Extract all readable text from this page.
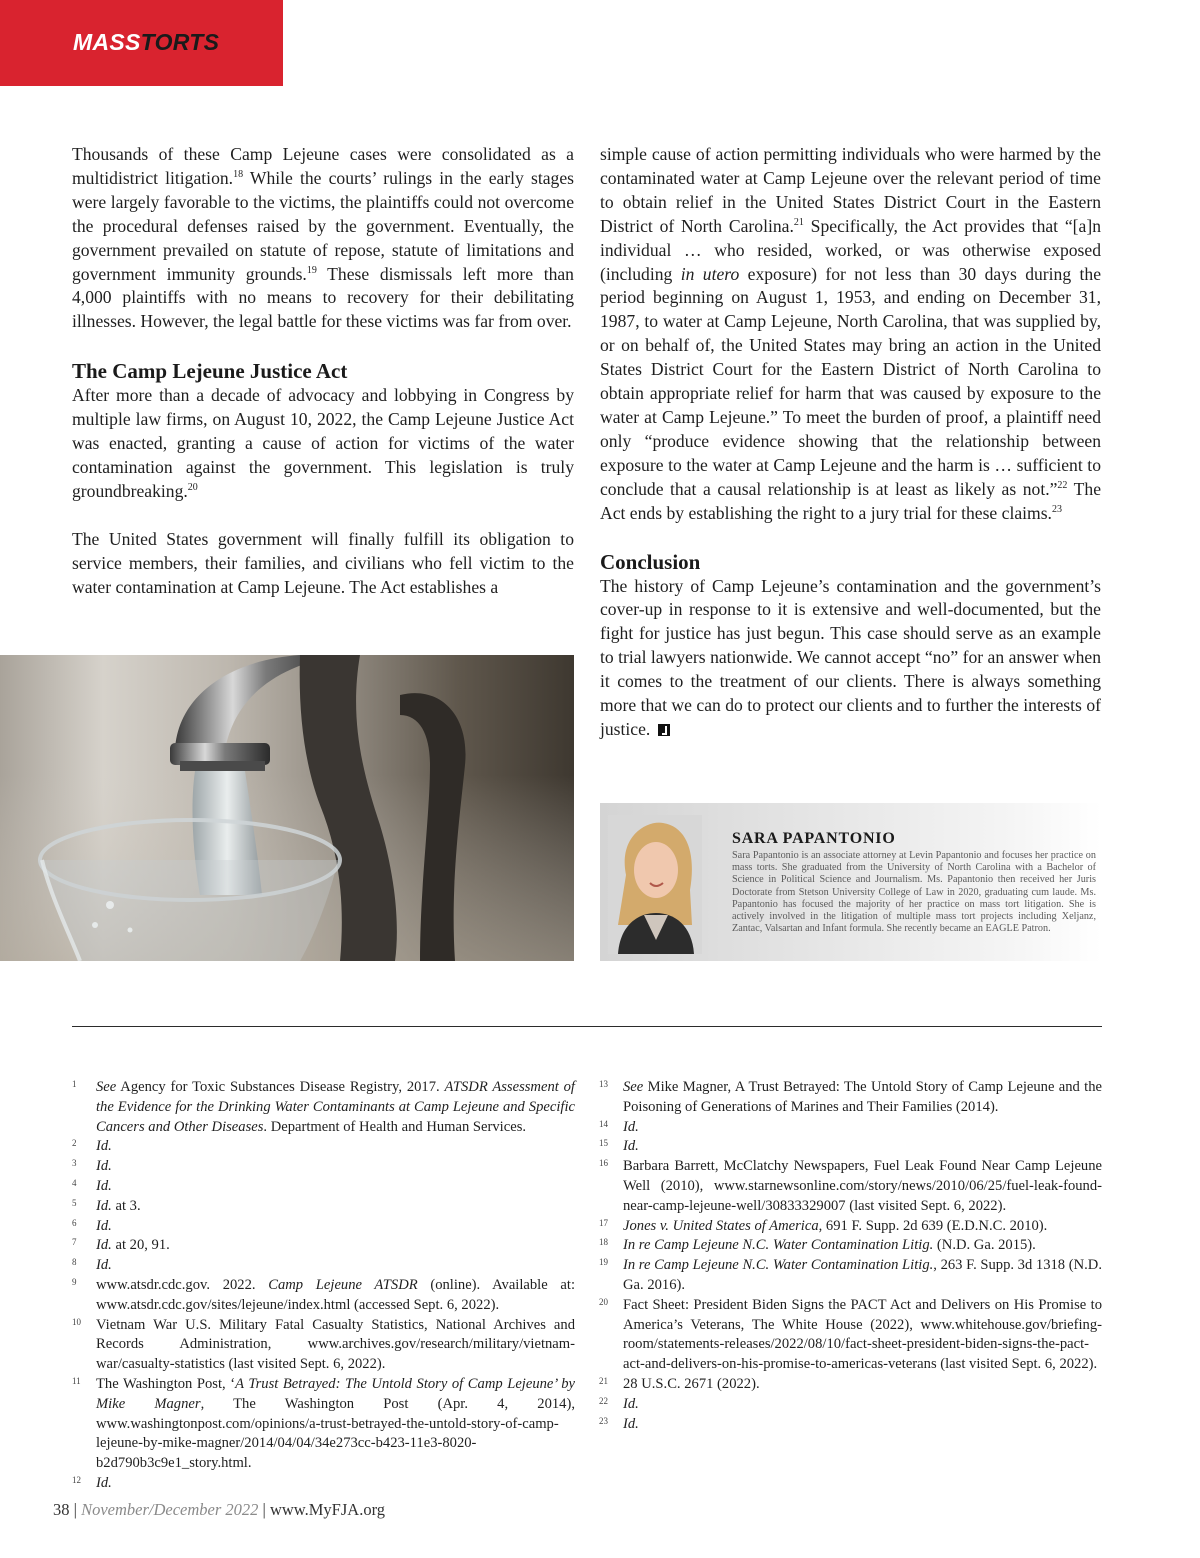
MASSTORTS

Thousands of these Camp Lejeune cases were consolidated as a multidistrict litigation.$^{18}$ While the courts’ rulings in the early stages were largely favorable to the victims, the plaintiffs could not overcome the procedural defenses raised by the government. Eventually, the government prevailed on statute of repose, statute of limitations and government immunity grounds.$^{19}$ These dismissals left more than 4,000 plaintiffs with no means to recovery for their debilitating illnesses. However, the legal battle for these victims was far from over.

The Camp Lejeune Justice Act

After more than a decade of advocacy and lobbying in Congress by multiple law firms, on August 10, 2022, the Camp Lejeune Justice Act was enacted, granting a cause of action for victims of the water contamination against the government. This legislation is truly groundbreaking.$^{20}$

The United States government will finally fulfill its obligation to service members, their families, and civilians who fell victim to the water contamination at Camp Lejeune. The Act establishes a

simple cause of action permitting individuals who were harmed by the contaminated water at Camp Lejeune over the relevant period of time to obtain relief in the United States District Court in the Eastern District of North Carolina.$^{21}$ Specifically, the Act provides that “[a]n individual … who resided, worked, or was otherwise exposed (including in utero exposure) for not less than 30 days during the period beginning on August 1, 1953, and ending on December 31, 1987, to water at Camp Lejeune, North Carolina, that was supplied by, or on behalf of, the United States may bring an action in the United States District Court for the Eastern District of North Carolina to obtain appropriate relief for harm that was caused by exposure to the water at Camp Lejeune.” To meet the burden of proof, a plaintiff need only “produce evidence showing that the relationship between exposure to the water at Camp Lejeune and the harm is … sufficient to conclude that a causal relationship is at least as likely as not.”$^{22}$ The Act ends by establishing the right to a jury trial for these claims.$^{23}$

Conclusion

The history of Camp Lejeune’s contamination and the government’s cover-up in response to it is extensive and well-documented, but the fight for justice has just begun. This case should serve as an example to trial lawyers nationwide. We cannot accept “no” for an answer when it comes to the treatment of our clients. There is always something more that we can do to protect our clients and to further the interests of justice.

SARA PAPANTONIO
Sara Papantonio is an associate attorney at Levin Papantonio and focuses her practice on mass torts. She graduated from the University of North Carolina with a Bachelor of Science in Political Science and Journalism. Ms. Papantonio then received her Juris Doctorate from Stetson University College of Law in 2020, graduating cum laude. Ms. Papantonio has focused the majority of her practice on mass tort litigation. She is actively involved in the litigation of multiple mass tort projects including Xeljanz, Zantac, Valsartan and Infant formula. She recently became an EAGLE Patron.
1 See Agency for Toxic Substances Disease Registry, 2017. ATSDR Assessment of the Evidence for the Drinking Water Contaminants at Camp Lejeune and Specific Cancers and Other Diseases. Department of Health and Human Services.
2 Id.
3 Id.
4 Id.
5 Id. at 3.
6 Id.
7 Id. at 20, 91.
8 Id.
9 www.atsdr.cdc.gov. 2022. Camp Lejeune ATSDR (online). Available at: www.atsdr.cdc.gov/sites/lejeune/index.html (accessed Sept. 6, 2022).
10 Vietnam War U.S. Military Fatal Casualty Statistics, National Archives and Records Administration, www.archives.gov/research/military/vietnam-war/casualty-statistics (last visited Sept. 6, 2022).
11 The Washington Post, ‘A Trust Betrayed: The Untold Story of Camp Lejeune’ by Mike Magner, The Washington Post (Apr. 4, 2014), www.washingtonpost.com/opinions/a-trust-betrayed-the-untold-story-of-camp-lejeune-by-mike-magner/2014/04/04/34e273cc-b423-11e3-8020-b2d790b3c9e1_story.html.
12 Id.
13 See Mike Magner, A Trust Betrayed: The Untold Story of Camp Lejeune and the Poisoning of Generations of Marines and Their Families (2014).
14 Id.
15 Id.
16 Barbara Barrett, McClatchy Newspapers, Fuel Leak Found Near Camp Lejeune Well (2010), www.starnewsonline.com/story/news/2010/06/25/fuel-leak-found-near-camp-lejeune-well/30833329007 (last visited Sept. 6, 2022).
17 Jones v. United States of America, 691 F. Supp. 2d 639 (E.D.N.C. 2010).
18 In re Camp Lejeune N.C. Water Contamination Litig. (N.D. Ga. 2015).
19 In re Camp Lejeune N.C. Water Contamination Litig., 263 F. Supp. 3d 1318 (N.D. Ga. 2016).
20 Fact Sheet: President Biden Signs the PACT Act and Delivers on His Promise to America’s Veterans, The White House (2022), www.whitehouse.gov/briefing-room/statements-releases/2022/08/10/fact-sheet-president-biden-signs-the-pact-act-and-delivers-on-his-promise-to-americas-veterans (last visited Sept. 6, 2022).
21 28 U.S.C. 2671 (2022).
22 Id.
23 Id.
38 | November/December 2022 | www.MyFJA.org
